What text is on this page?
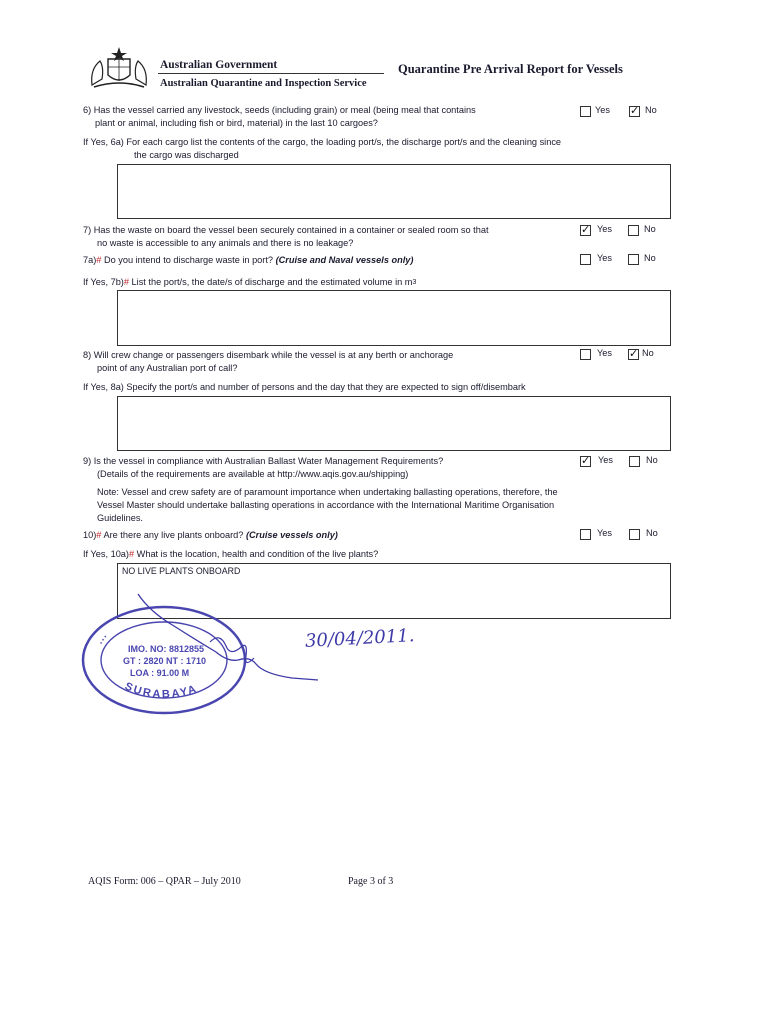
Australian Government
Australian Quarantine and Inspection Service
Quarantine Pre Arrival Report for Vessels
6) Has the vessel carried any livestock, seeds (including grain) or meal (being meal that contains
plant or animal, including fish or bird, material) in the last 10 cargoes?
Yes ✓	No
If Yes, 6a) For each cargo list the contents of the cargo, the loading port/s, the discharge port/s and the cleaning since
the cargo was discharged
7) Has the waste on board the vessel been securely contained in a container or sealed room so that
no waste is accessible to any animals and there is no leakage?
✓
Yes	No
7a)# Do you intend to discharge waste in port? (Cruise and Naval vessels only)	Yes	No
If Yes, 7b)# List the port/s, the date/s of discharge and the estimated volume in $m^3$
8) Will crew change or passengers disembark while the vessel is at any berth or anchorage
point of any Australian port of call?
Yes ✓	No
If Yes, 8a) Specify the port/s and number of persons and the day that they are expected to sign off/disembark
9) Is the vessel in compliance with Australian Ballast Water Management Requirements?
(Details of the requirements are available at http://www.aqis.gov.au/shipping)
✓
Yes	No
Note: Vessel and crew safety are of paramount importance when undertaking ballasting operations, therefore, the
Vessel Master should undertake ballasting operations in accordance with the International Maritime Organisation
Guidelines.
10)# Are there any live plants onboard? (Cruise vessels only)	Yes	No
If Yes, 10a)# What is the location, health and condition of the live plants?
NO LIVE PLANTS ONBOARD
...
SURABAYA
IMO. NO: 8812855
GT : 2820 NT : 1710
LOA : 91.00 M
30/04/2011.
AQIS Form: 006 – QPAR – July 2010	Page 3 of 3
